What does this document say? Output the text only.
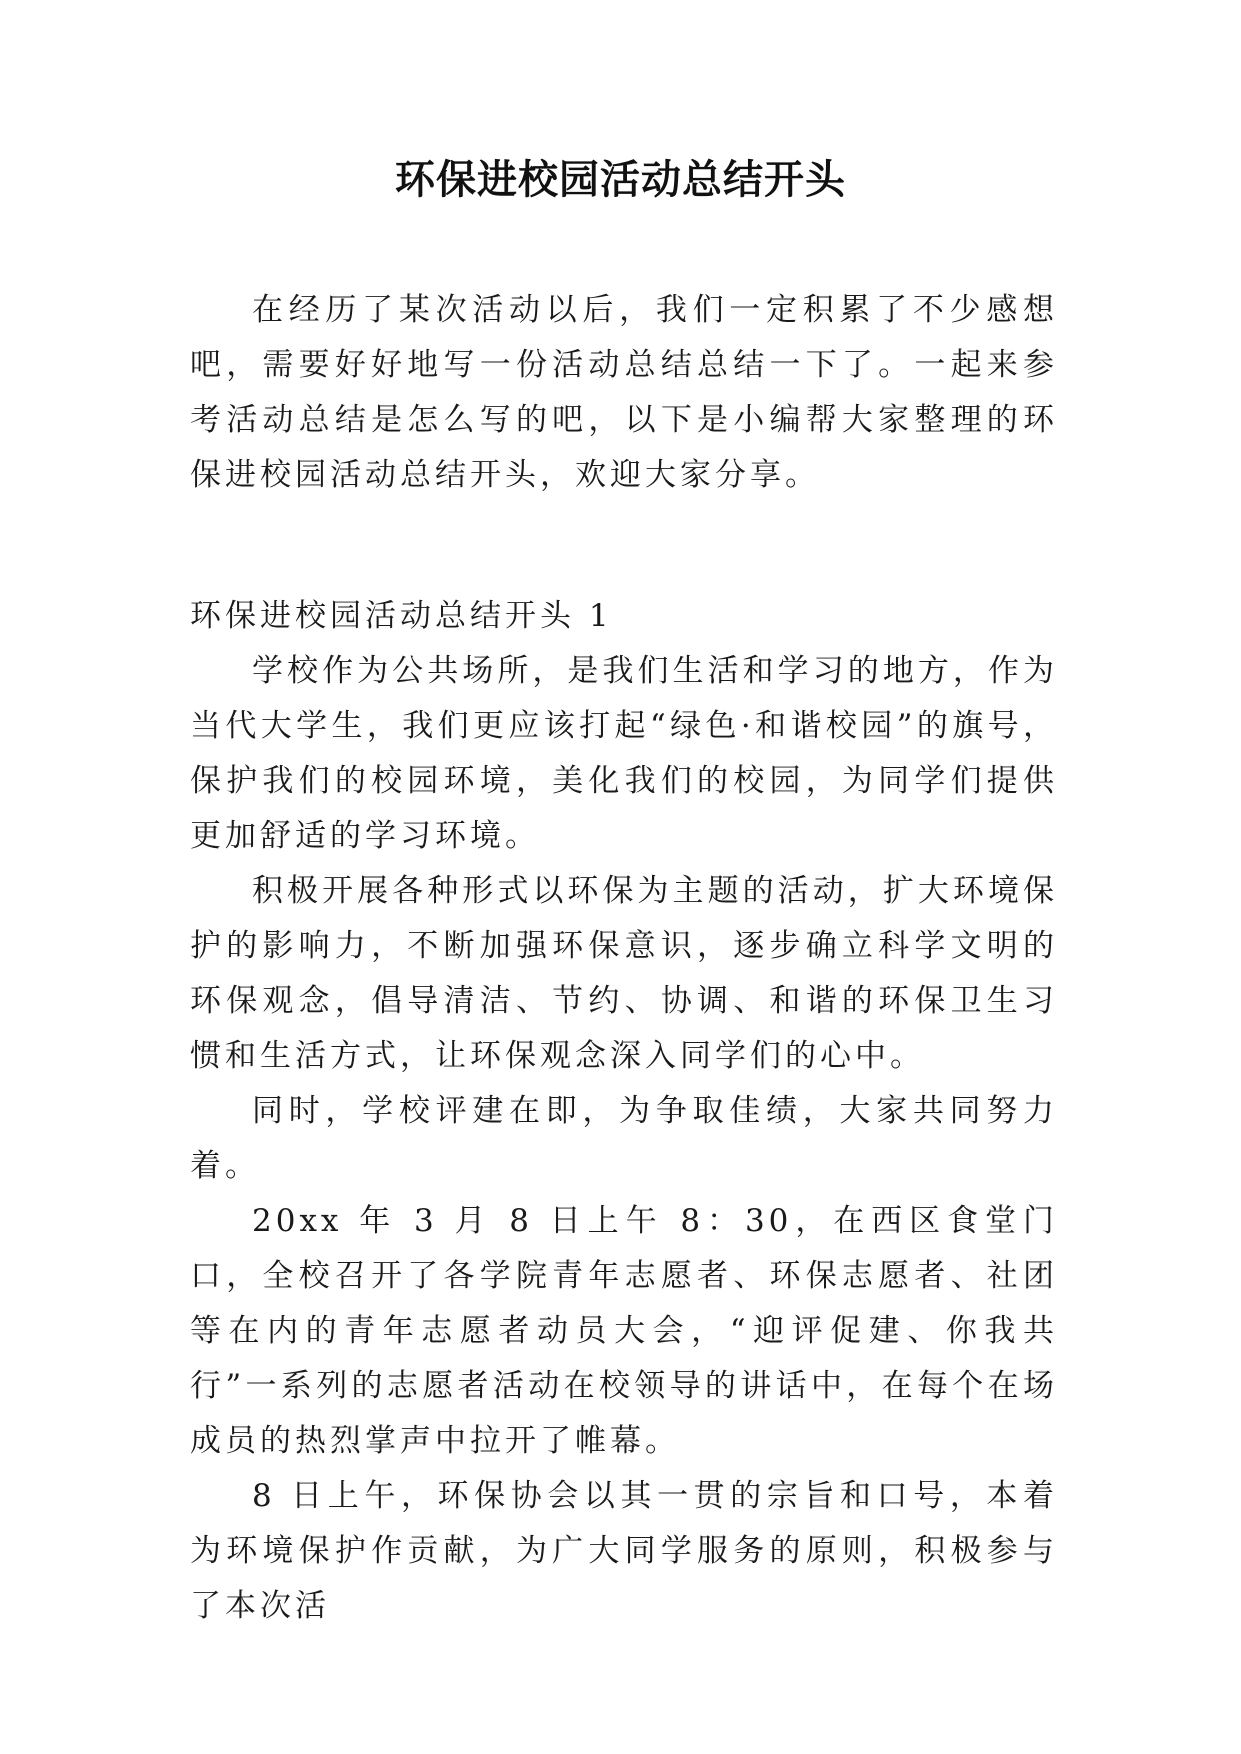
环保进校园活动总结开头

在经历了某次活动以后，我们一定积累了不少感想吧，需要好好地写一份活动总结总结一下了。一起来参考活动总结是怎么写的吧，以下是小编帮大家整理的环保进校园活动总结开头，欢迎大家分享。

环保进校园活动总结开头 1

学校作为公共场所，是我们生活和学习的地方，作为当代大学生，我们更应该打起“绿色·和谐校园”的旗号，保护我们的校园环境，美化我们的校园，为同学们提供更加舒适的学习环境。

积极开展各种形式以环保为主题的活动，扩大环境保护的影响力，不断加强环保意识，逐步确立科学文明的环保观念，倡导清洁、节约、协调、和谐的环保卫生习惯和生活方式，让环保观念深入同学们的心中。

同时，学校评建在即，为争取佳绩，大家共同努力着。

20xx 年 3 月 8 日上午 8：30，在西区食堂门口，全校召开了各学院青年志愿者、环保志愿者、社团等在内的青年志愿者动员大会，“迎评促建、你我共行”一系列的志愿者活动在校领导的讲话中，在每个在场成员的热烈掌声中拉开了帷幕。

8 日上午，环保协会以其一贯的宗旨和口号，本着为环境保护作贡献，为广大同学服务的原则，积极参与了本次活
